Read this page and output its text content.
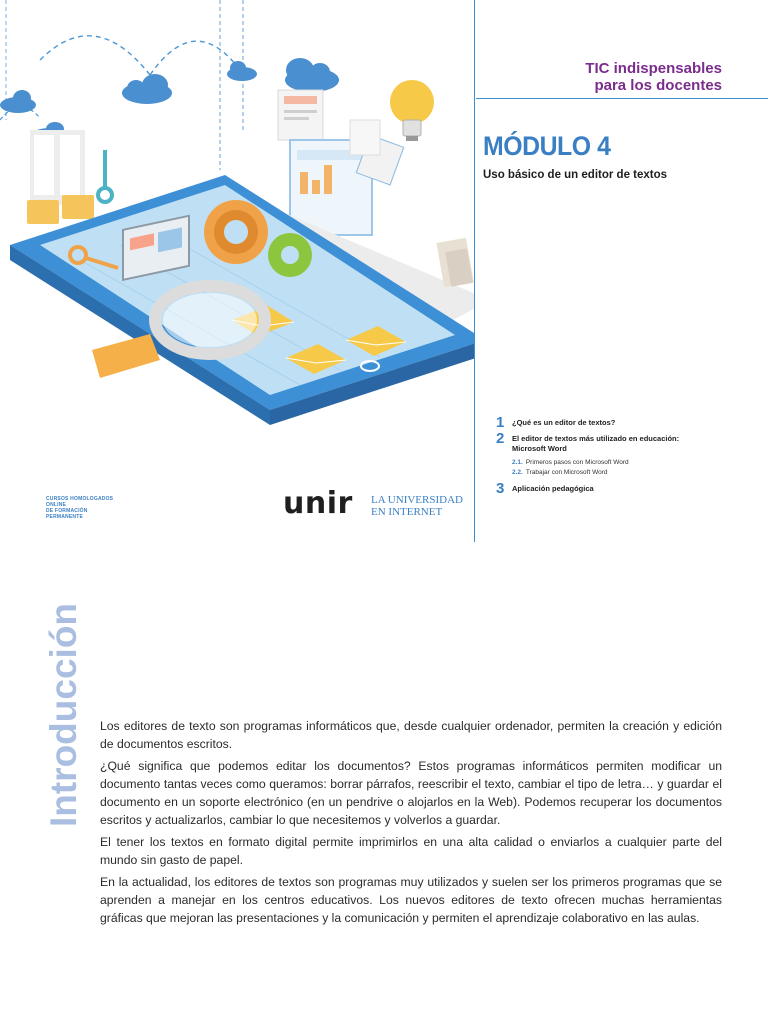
TIC indispensables
para los docentes
MÓDULO 4
Uso básico de un editor de textos
1 ¿Qué es un editor de textos?
2 El editor de textos más utilizado en educación:
Microsoft Word
2.1. Primeros pasos con Microsoft Word
2.2. Trabajar con Microsoft Word
3 Aplicación pedagógica
CURSOS HOMOLOGADOS
ONLINE
DE FORMACIÓN
PERMANENTE	unir LA UNIVERSIDAD
EN INTERNET
Introducción Los editores de texto son programas informáticos que, desde cualquier ordenador, permiten la creación y edición de documentos escritos.

¿Qué significa que podemos editar los documentos? Estos programas informáticos permiten modificar un documento tantas veces como queramos: borrar párrafos, reescribir el texto, cambiar el tipo de letra… y guardar el documento en un soporte electrónico (en un pendrive o alojarlos en la Web). Podemos recuperar los documentos escritos y actualizarlos, cambiar lo que necesitemos y volverlos a guardar.

El tener los textos en formato digital permite imprimirlos en una alta calidad o enviarlos a cualquier parte del mundo sin gasto de papel.

En la actualidad, los editores de textos son programas muy utilizados y suelen ser los primeros programas que se aprenden a manejar en los centros educativos. Los nuevos editores de texto ofrecen muchas herramientas gráficas que mejoran las presentaciones y la comunicación y permiten el aprendizaje colaborativo en las aulas.
